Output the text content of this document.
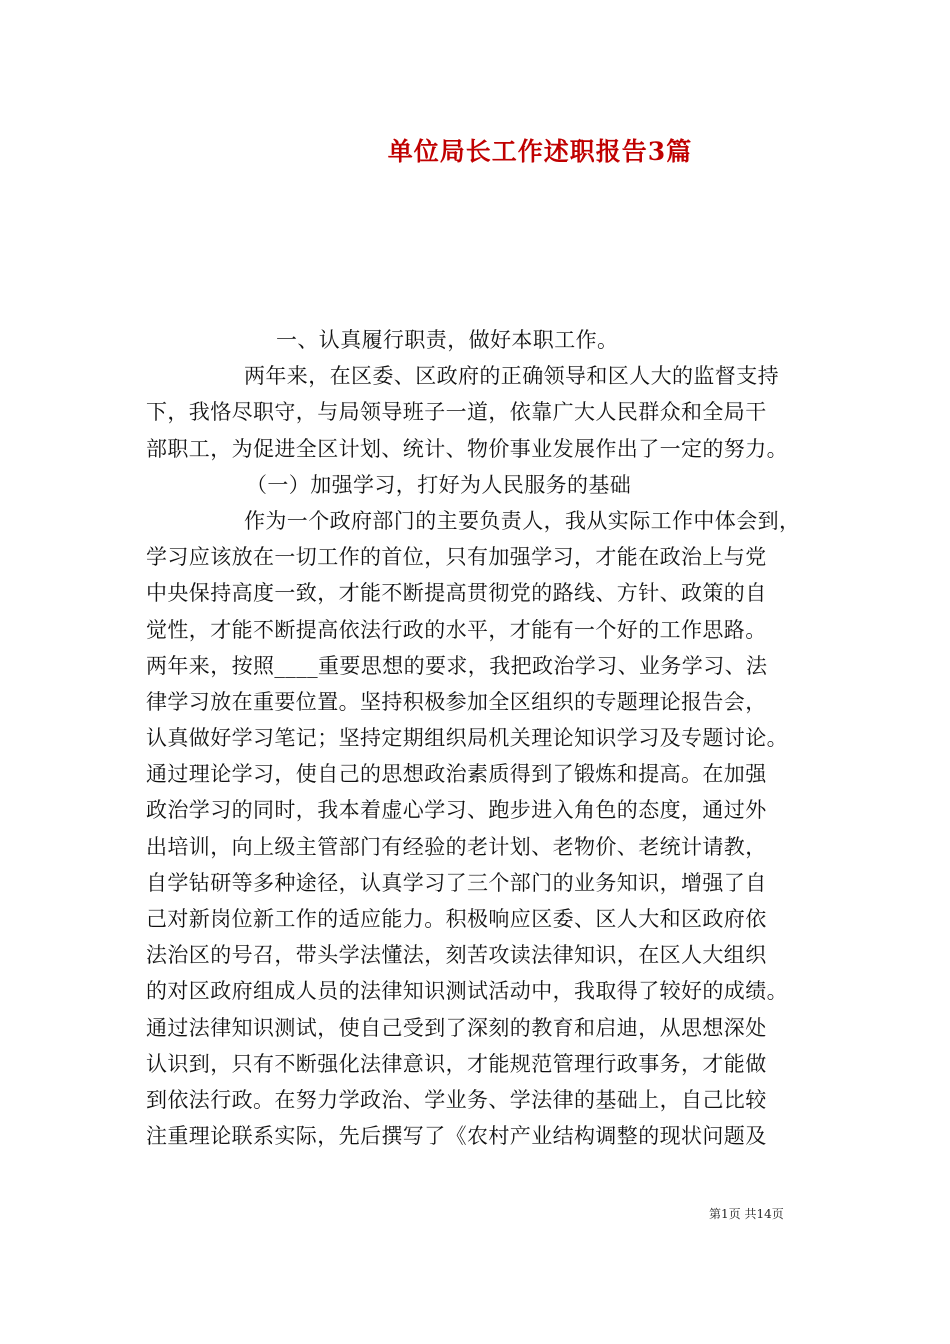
单位局长工作述职报告3篇
一、认真履行职责，做好本职工作。
两年来，在区委、区政府的正确领导和区人大的监督支持
下，我恪尽职守，与局领导班子一道，依靠广大人民群众和全局干
部职工，为促进全区计划、统计、物价事业发展作出了一定的努力。
（一）加强学习，打好为人民服务的基础
作为一个政府部门的主要负责人，我从实际工作中体会到，
学习应该放在一切工作的首位，只有加强学习，才能在政治上与党
中央保持高度一致，才能不断提高贯彻党的路线、方针、政策的自
觉性，才能不断提高依法行政的水平，才能有一个好的工作思路。
两年来，按照____重要思想的要求，我把政治学习、业务学习、法
律学习放在重要位置。坚持积极参加全区组织的专题理论报告会，
认真做好学习笔记；坚持定期组织局机关理论知识学习及专题讨论。
通过理论学习，使自己的思想政治素质得到了锻炼和提高。在加强
政治学习的同时，我本着虚心学习、跑步进入角色的态度，通过外
出培训，向上级主管部门有经验的老计划、老物价、老统计请教，
自学钻研等多种途径，认真学习了三个部门的业务知识，增强了自
己对新岗位新工作的适应能力。积极响应区委、区人大和区政府依
法治区的号召，带头学法懂法，刻苦攻读法律知识，在区人大组织
的对区政府组成人员的法律知识测试活动中，我取得了较好的成绩。
通过法律知识测试，使自己受到了深刻的教育和启迪，从思想深处
认识到，只有不断强化法律意识，才能规范管理行政事务，才能做
到依法行政。在努力学政治、学业务、学法律的基础上，自己比较
注重理论联系实际，先后撰写了《农村产业结构调整的现状问题及
第1页 共14页
